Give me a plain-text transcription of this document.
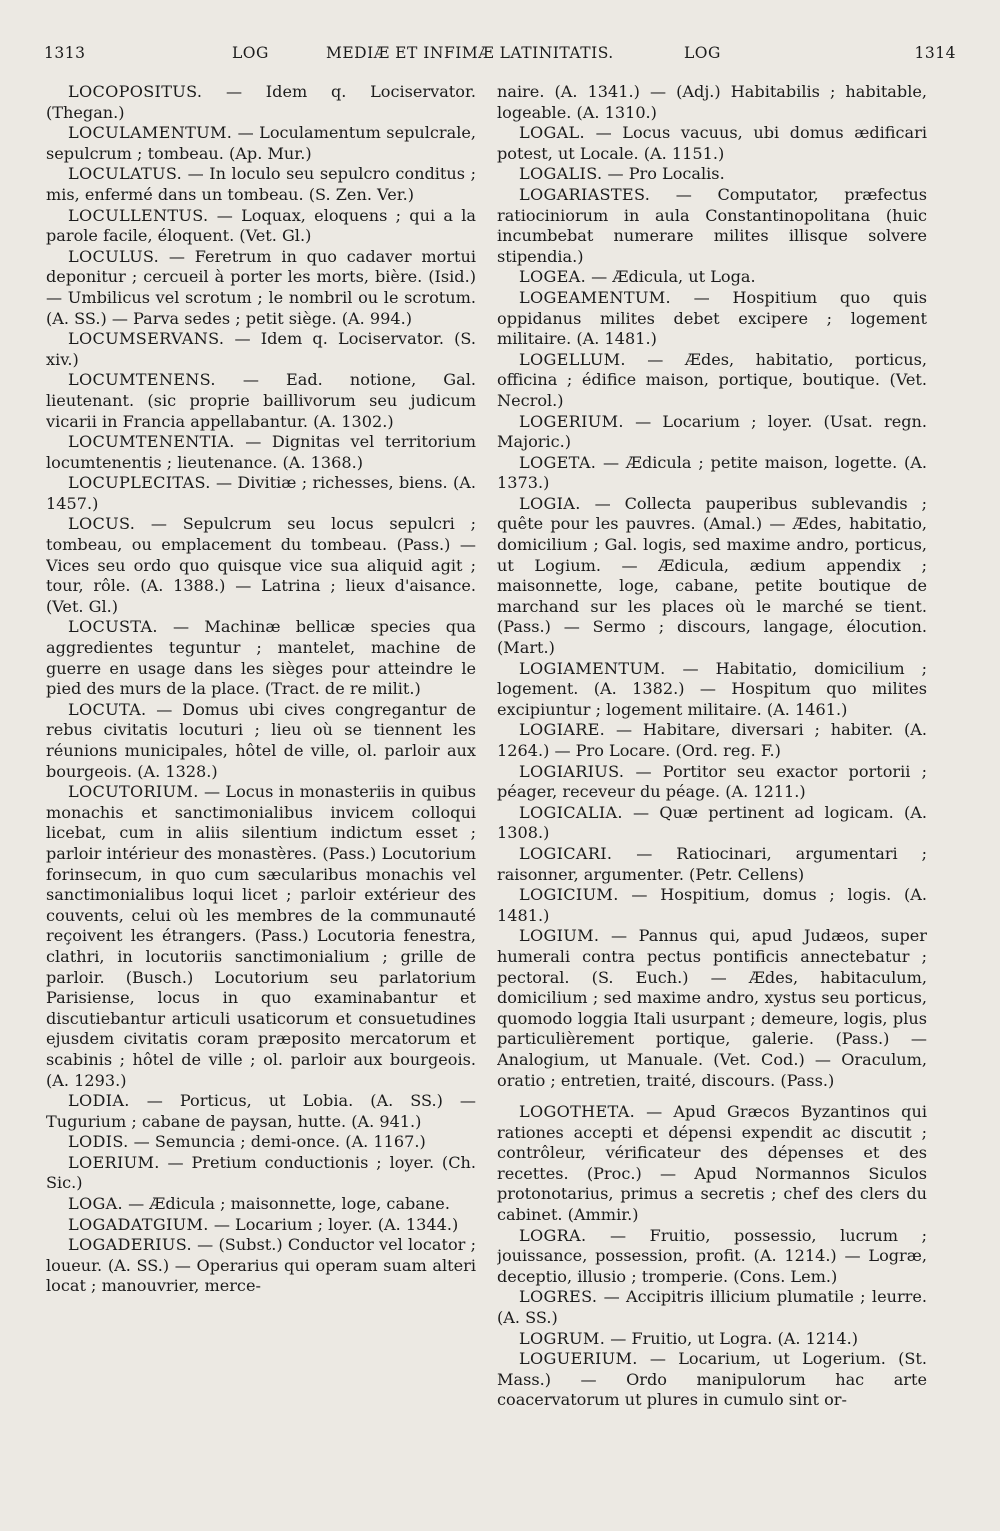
1313	LOG	MEDIÆ ET INFIMÆ LATINITATIS.	LOG	1314

LOCOPOSITUS. — Idem q. Lociservator. (Thegan.)

LOCULAMENTUM. — Loculamentum sepulcrale, sepulcrum ; tombeau. (Ap. Mur.)

LOCULATUS. — In loculo seu sepulcro conditus ; mis, enfermé dans un tombeau. (S. Zen. Ver.)

LOCULLENTUS. — Loquax, eloquens ; qui a la parole facile, éloquent. (Vet. Gl.)

LOCULUS. — Feretrum in quo cadaver mortui deponitur ; cercueil à porter les morts, bière. (Isid.) — Umbilicus vel scrotum ; le nombril ou le scrotum. (A. SS.) — Parva sedes ; petit siège. (A. 994.)

LOCUMSERVANS. — Idem q. Lociservator. (S. xiv.)

LOCUMTENENS. — Ead. notione, Gal. lieutenant. (sic proprie baillivorum seu judicum vicarii in Francia appellabantur. (A. 1302.)

LOCUMTENENTIA. — Dignitas vel territorium locumtenentis ; lieutenance. (A. 1368.)

LOCUPLECITAS. — Divitiæ ; richesses, biens. (A. 1457.)

LOCUS. — Sepulcrum seu locus sepulcri ; tombeau, ou emplacement du tombeau. (Pass.) — Vices seu ordo quo quisque vice sua aliquid agit ; tour, rôle. (A. 1388.) — Latrina ; lieux d'aisance. (Vet. Gl.)

LOCUSTA. — Machinæ bellicæ species qua aggredientes teguntur ; mantelet, machine de guerre en usage dans les sièges pour atteindre le pied des murs de la place. (Tract. de re milit.)

LOCUTA. — Domus ubi cives congregantur de rebus civitatis locuturi ; lieu où se tiennent les réunions municipales, hôtel de ville, ol. parloir aux bourgeois. (A. 1328.)

LOCUTORIUM. — Locus in monasteriis in quibus monachis et sanctimonialibus invicem colloqui licebat, cum in aliis silentium indictum esset ; parloir intérieur des monastères. (Pass.) Locutorium forinsecum, in quo cum sæcularibus monachis vel sanctimonialibus loqui licet ; parloir extérieur des couvents, celui où les membres de la communauté reçoivent les étrangers. (Pass.) Locutoria fenestra, clathri, in locutoriis sanctimonialium ; grille de parloir. (Busch.) Locutorium seu parlatorium Parisiense, locus in quo examinabantur et discutiebantur articuli usaticorum et consuetudines ejusdem civitatis coram præposito mercatorum et scabinis ; hôtel de ville ; ol. parloir aux bourgeois. (A. 1293.)

LODIA. — Porticus, ut Lobia. (A. SS.) — Tugurium ; cabane de paysan, hutte. (A. 941.)

LODIS. — Semuncia ; demi-once. (A. 1167.)

LOERIUM. — Pretium conductionis ; loyer. (Ch. Sic.)

LOGA. — Ædicula ; maisonnette, loge, cabane.

LOGADATGIUM. — Locarium ; loyer. (A. 1344.)

LOGADERIUS. — (Subst.) Conductor vel locator ; loueur. (A. SS.) — Operarius qui operam suam alteri locat ; manouvrier, merce-

naire. (A. 1341.) — (Adj.) Habitabilis ; habitable, logeable. (A. 1310.)

LOGAL. — Locus vacuus, ubi domus ædificari potest, ut Locale. (A. 1151.)

LOGALIS. — Pro Localis.

LOGARIASTES. — Computator, præfectus ratiociniorum in aula Constantinopolitana (huic incumbebat numerare milites illisque solvere stipendia.)

LOGEA. — Ædicula, ut Loga.

LOGEAMENTUM. — Hospitium quo quis oppidanus milites debet excipere ; logement militaire. (A. 1481.)

LOGELLUM. — Ædes, habitatio, porticus, officina ; édifice maison, portique, boutique. (Vet. Necrol.)

LOGERIUM. — Locarium ; loyer. (Usat. regn. Majoric.)

LOGETA. — Ædicula ; petite maison, logette. (A. 1373.)

LOGIA. — Collecta pauperibus sublevandis ; quête pour les pauvres. (Amal.) — Ædes, habitatio, domicilium ; Gal. logis, sed maxime andro, porticus, ut Logium. — Ædicula, ædium appendix ; maisonnette, loge, cabane, petite boutique de marchand sur les places où le marché se tient. (Pass.) — Sermo ; discours, langage, élocution. (Mart.)

LOGIAMENTUM. — Habitatio, domicilium ; logement. (A. 1382.) — Hospitum quo milites excipiuntur ; logement militaire. (A. 1461.)

LOGIARE. — Habitare, diversari ; habiter. (A. 1264.) — Pro Locare. (Ord. reg. F.)

LOGIARIUS. — Portitor seu exactor portorii ; péager, receveur du péage. (A. 1211.)

LOGICALIA. — Quæ pertinent ad logicam. (A. 1308.)

LOGICARI. — Ratiocinari, argumentari ; raisonner, argumenter. (Petr. Cellens)

LOGICIUM. — Hospitium, domus ; logis. (A. 1481.)

LOGIUM. — Pannus qui, apud Judæos, super humerali contra pectus pontificis annectebatur ; pectoral. (S. Euch.) — Ædes, habitaculum, domicilium ; sed maxime andro, xystus seu porticus, quomodo loggia Itali usurpant ; demeure, logis, plus particulièrement portique, galerie. (Pass.) — Analogium, ut Manuale. (Vet. Cod.) — Oraculum, oratio ; entretien, traité, discours. (Pass.)

LOGOTHETA. — Apud Græcos Byzantinos qui rationes accepti et dépensi expendit ac discutit ; contrôleur, vérificateur des dépenses et des recettes. (Proc.) — Apud Normannos Siculos protonotarius, primus a secretis ; chef des clers du cabinet. (Ammir.)

LOGRA. — Fruitio, possessio, lucrum ; jouissance, possession, profit. (A. 1214.) — Logræ, deceptio, illusio ; tromperie. (Cons. Lem.)

LOGRES. — Accipitris illicium plumatile ; leurre. (A. SS.)

LOGRUM. — Fruitio, ut Logra. (A. 1214.)

LOGUERIUM. — Locarium, ut Logerium. (St. Mass.) — Ordo manipulorum hac arte coacervatorum ut plures in cumulo sint or-
